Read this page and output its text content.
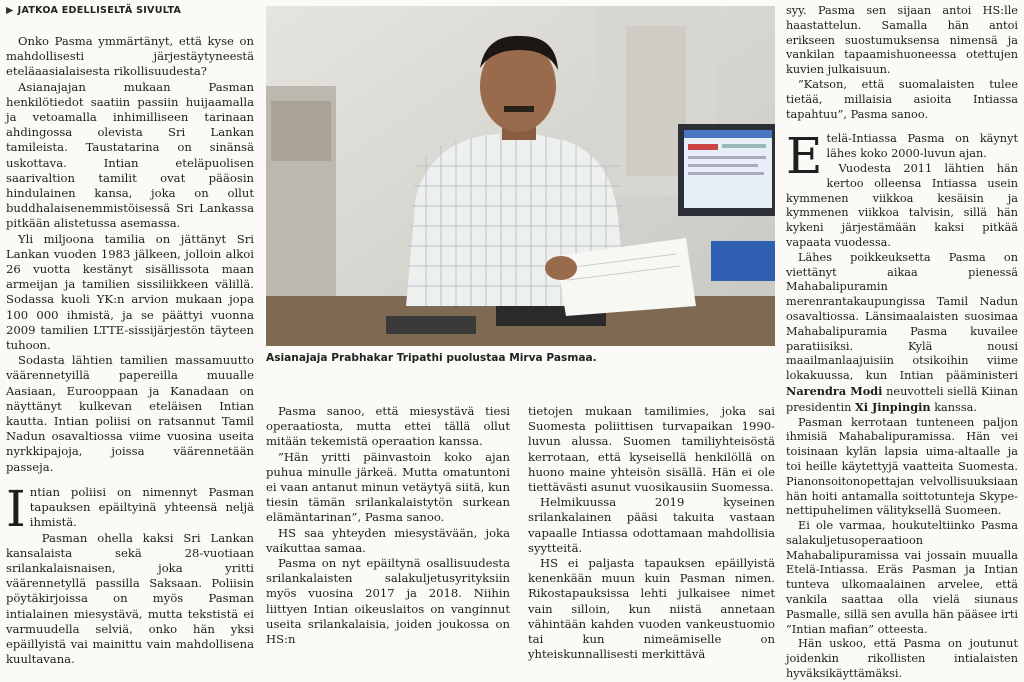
▶ JATKOA EDELLISELTÄ SIVULTA

Onko Pasma ymmärtänyt, että kyse on mahdollisesti järjestäytyneestä eteläaasialaisesta rikollisuudesta?

Asianajajan mukaan Pasman henkilötiedot saatiin passiin huijaamalla ja vetoamalla inhimilliseen tarinaan ahdingossa olevista Sri Lankan tamileista. Taustatarina on sinänsä uskottava. Intian eteläpuolisen saarivaltion tamilit ovat pääosin hindulainen kansa, joka on ollut buddhalaisenemmistöisessä Sri Lankassa pitkään alistetussa asemassa.

Yli miljoona tamilia on jättänyt Sri Lankan vuoden 1983 jälkeen, jolloin alkoi 26 vuotta kestänyt sisällissota maan armeijan ja tamilien sissiliikkeen välillä. Sodassa kuoli YK:n arvion mukaan jopa 100 000 ihmistä, ja se päättyi vuonna 2009 tamilien LTTE-sissijärjestön täyteen tuhoon.

Sodasta lähtien tamilien massamuutto väärennetyillä papereilla muualle Aasiaan, Eurooppaan ja Kanadaan on näyttänyt kulkevan eteläisen Intian kautta. Intian poliisi on ratsannut Tamil Nadun osavaltiossa viime vuosina useita nyrkkipajoja, joissa väärennetään passeja.

Intian poliisi on nimennyt Pasman tapauksen epäiltyinä yhteensä neljä ihmistä.

Pasman ohella kaksi Sri Lankan kansalaista sekä 28-vuotiaan srilankalaisnaisen, joka yritti väärennetyllä passilla Saksaan. Poliisin pöytäkirjoissa on myös Pasman intialainen miesystävä, mutta tekstistä ei varmuudella selviä, onko hän yksi epäillyistä vai mainittu vain mahdollisena kuultavana.

Asianajaja Prabhakar Tripathi puolustaa Mirva Pasmaa.

Pasma sanoo, että miesystävä tiesi operaatiosta, mutta ettei tällä ollut mitään tekemistä operaation kanssa.

”Hän yritti päinvastoin koko ajan puhua minulle järkeä. Mutta omatuntoni ei vaan antanut minun vetäytyä siitä, kun tiesin tämän srilankalaistytön surkean elämäntarinan”, Pasma sanoo.

HS saa yhteyden miesystävään, joka vaikuttaa samaa.

Pasma on nyt epäiltynä osallisuudesta srilankalaisten salakuljetusyrityksiin myös vuosina 2017 ja 2018. Niihin liittyen Intian oikeuslaitos on vanginnut useita srilankalaisia, joiden joukossa on HS:n

tietojen mukaan tamilimies, joka sai Suomesta poliittisen turvapaikan 1990-luvun alussa. Suomen tamiliyhteisöstä kerrotaan, että kyseisellä henkilöllä on huono maine yhteisön sisällä. Hän ei ole tiettävästi asunut vuosikausiin Suomessa.

Helmikuussa 2019 kyseinen srilankalainen pääsi takuita vastaan vapaalle Intiassa odottamaan mahdollisia syytteitä.

HS ei paljasta tapauksen epäillyistä kenenkään muun kuin Pasman nimen. Rikostapauksissa lehti julkaisee nimet vain silloin, kun niistä annetaan vähintään kahden vuoden vankeustuomio tai kun nimeämiselle on yhteiskunnallisesti merkittävä

syy. Pasma sen sijaan antoi HS:lle haastattelun. Samalla hän antoi erikseen suostumuksensa nimensä ja vankilan tapaamishuoneessa otettujen kuvien julkaisuun.

”Katson, että suomalaisten tulee tietää, millaisia asioita Intiassa tapahtuu”, Pasma sanoo.

Etelä-Intiassa Pasma on käynyt lähes koko 2000-luvun ajan.

Vuodesta 2011 lähtien hän kertoo olleensa Intiassa usein kymmenen viikkoa kesäisin ja kymmenen viikkoa talvisin, sillä hän kykeni järjestämään kaksi pitkää vapaata vuodessa.

Lähes poikkeuksetta Pasma on viettänyt aikaa pienessä Mahabalipuramin merenrantakaupungissa Tamil Nadun osavaltiossa. Länsimaalaisten suosimaa Mahabalipuramia Pasma kuvailee paratiisiksi. Kylä nousi maailmanlaajuisiin otsikoihin viime lokakuussa, kun Intian pääministeri Narendra Modi neuvotteli siellä Kiinan presidentin Xi Jinpingin kanssa.

Pasman kerrotaan tunteneen paljon ihmisiä Mahabalipuramissa. Hän vei toisinaan kylän lapsia uima-altaalle ja toi heille käytettyjä vaatteita Suomesta. Pianonsoitonopettajan velvollisuuksiaan hän hoiti antamalla soittotunteja Skype-nettipuhelimen välityksellä Suomeen.

Ei ole varmaa, houkuteltiinko Pasma salakuljetusoperaatioon Mahabalipuramissa vai jossain muualla Etelä-Intiassa. Eräs Pasman ja Intian tunteva ulkomaalainen arvelee, että vankila saattaa olla vielä siunaus Pasmalle, sillä sen avulla hän pääsee irti ”Intian mafian” otteesta.

Hän uskoo, että Pasma on joutunut joidenkin rikollisten intialaisten hyväksikäyttämäksi.
